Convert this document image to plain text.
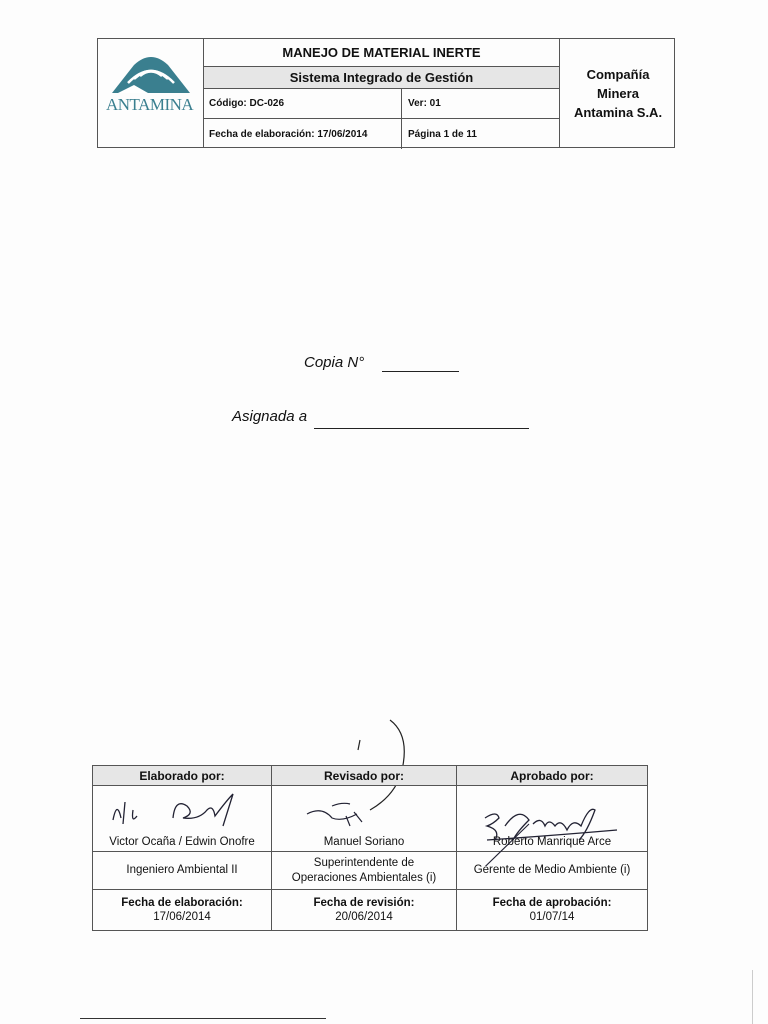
ANTAMINA
MANEJO DE MATERIAL INERTE
Sistema Integrado de Gestión
Código: DC-026	Ver: 01
Fecha de elaboración: 17/06/2014	Página 1 de 11
Compañía
Minera
Antamina S.A.
Copia N°
Asignada a
Elaborado por:
Victor Ocaña / Edwin Onofre
Ingeniero Ambiental II
Fecha de elaboración:
17/06/2014
Revisado por:
Manuel Soriano
Superintendente de
Operaciones Ambientales (i)
Fecha de revisión:
20/06/2014
Aprobado por:
Roberto Manrique Arce
Gerente de Medio Ambiente (i)
Fecha de aprobación:
01/07/14
